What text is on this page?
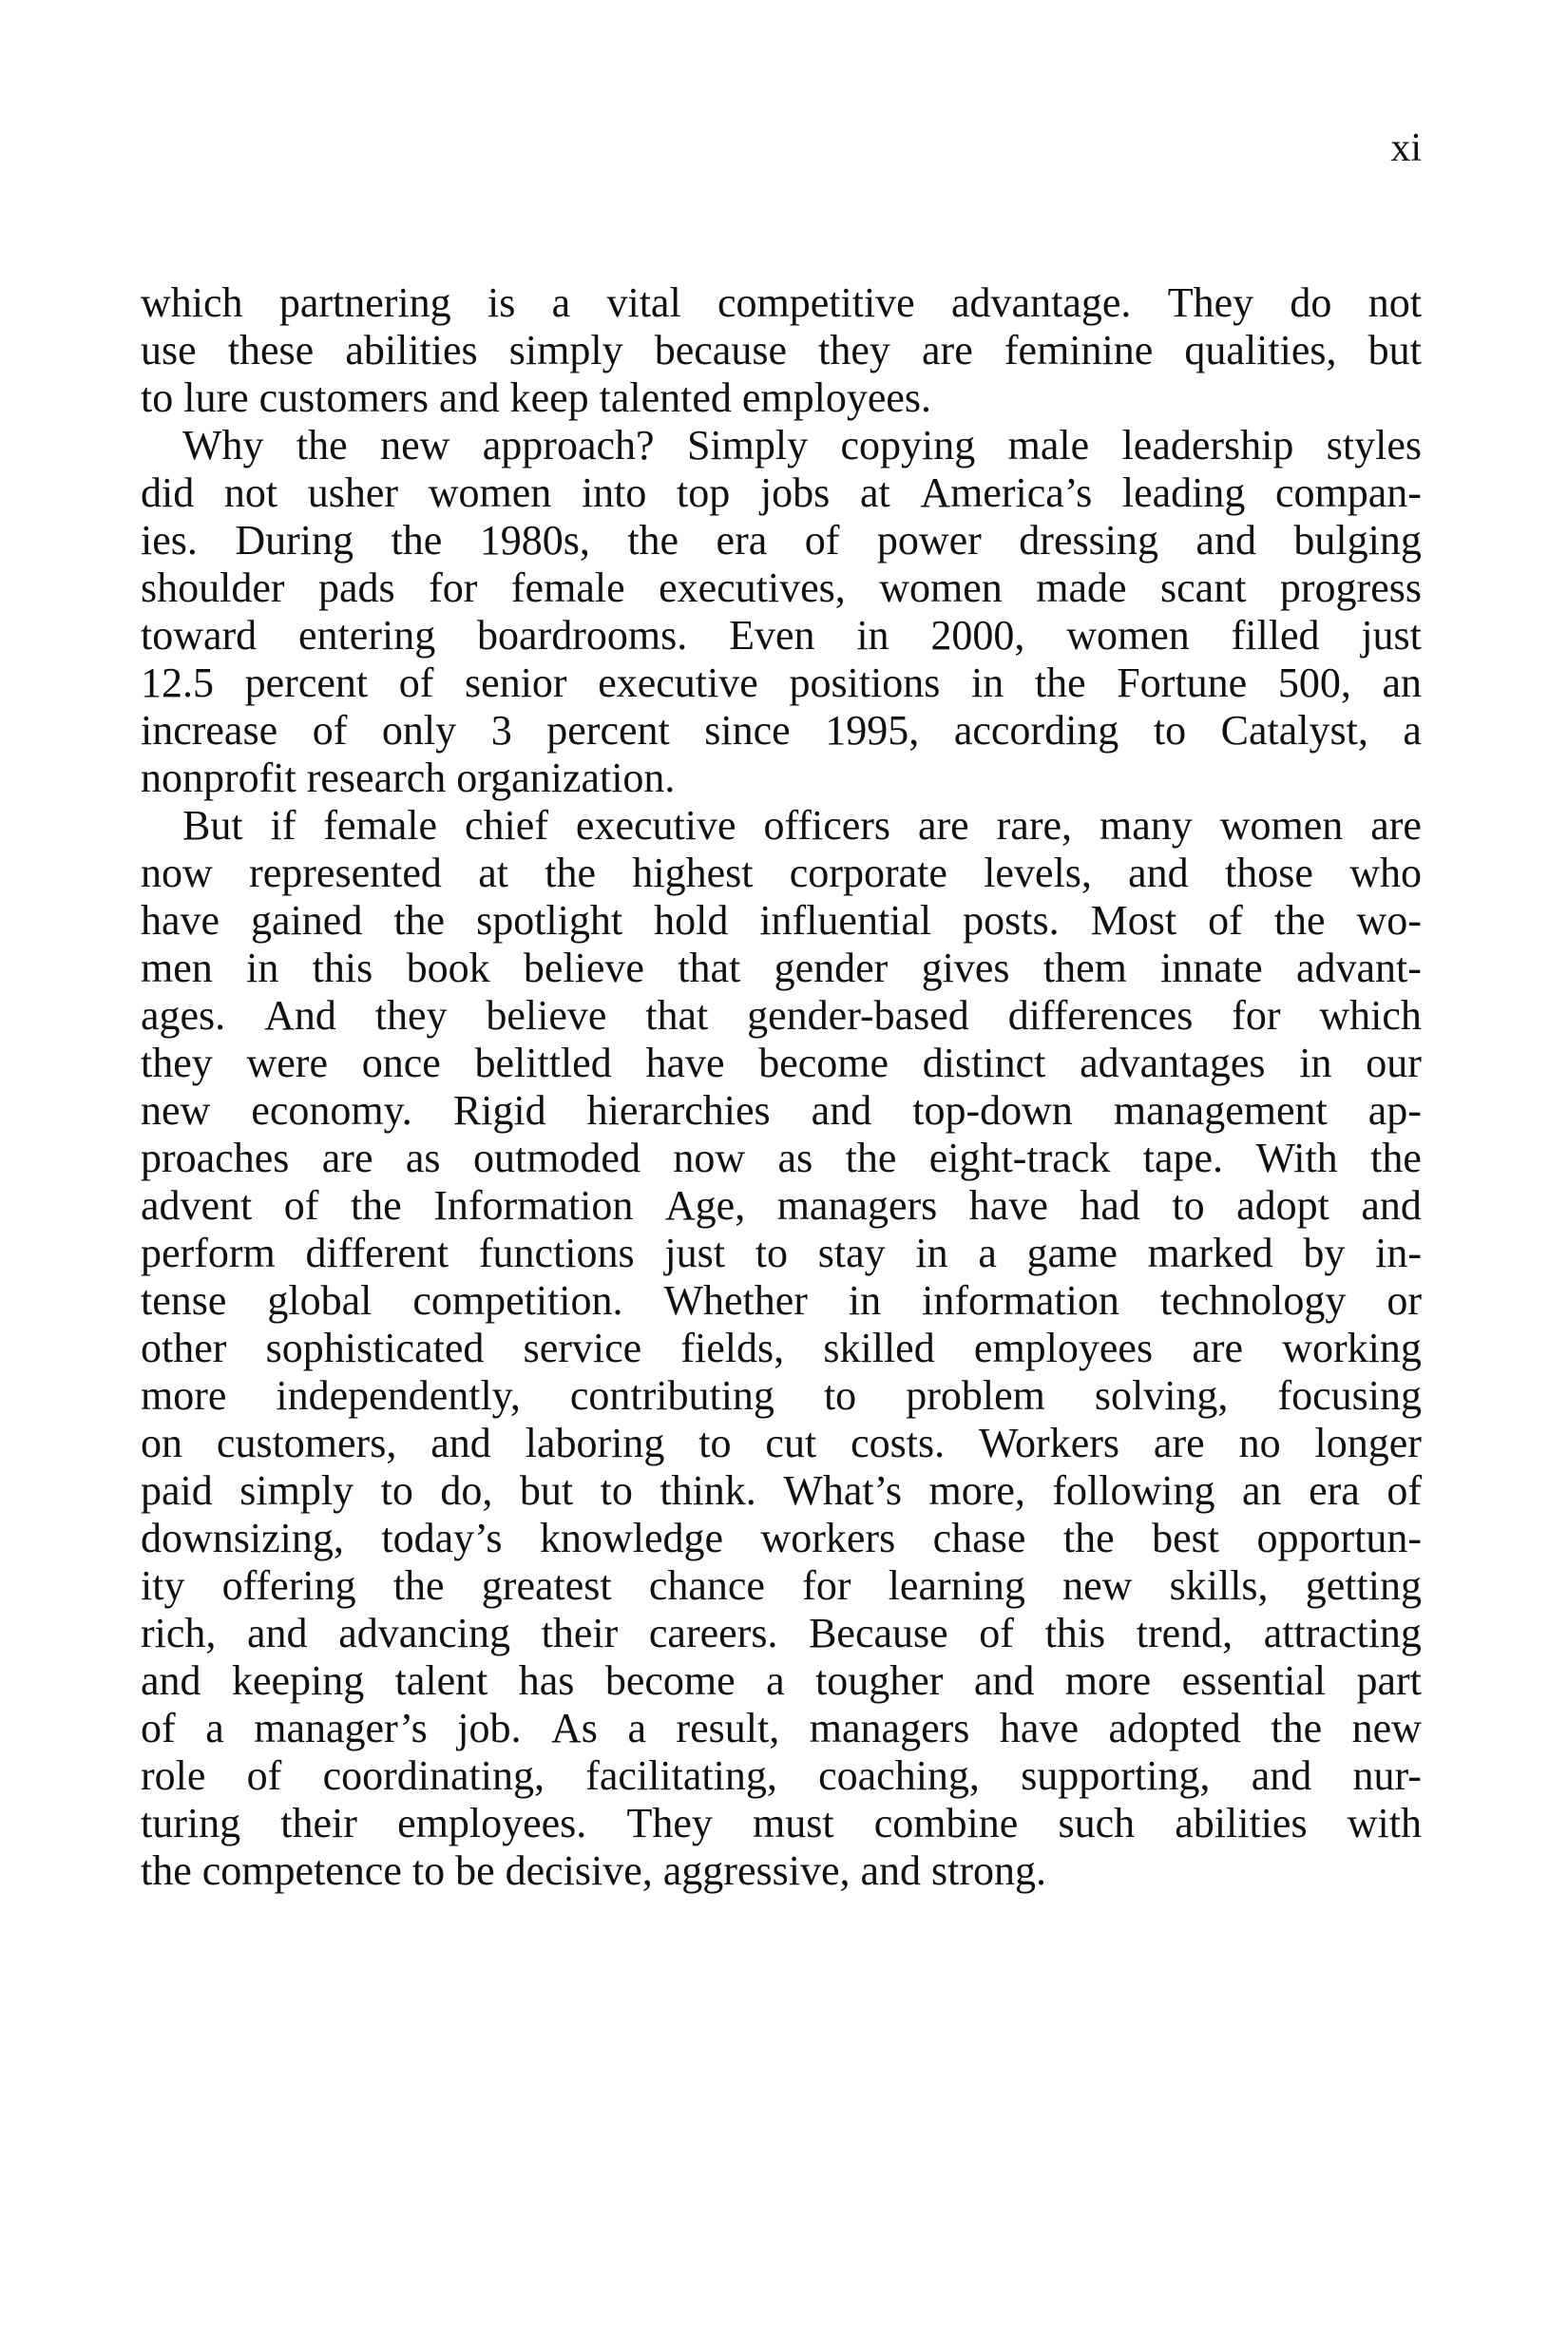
xi

which partnering is a vital competitive advantage. They do not
use these abilities simply because they are feminine qualities, but
to lure customers and keep talented employees.

Why the new approach? Simply copying male leadership styles
did not usher women into top jobs at America’s leading compan-
ies. During the 1980s, the era of power dressing and bulging
shoulder pads for female executives, women made scant progress
toward entering boardrooms. Even in 2000, women filled just
12.5 percent of senior executive positions in the Fortune 500, an
increase of only 3 percent since 1995, according to Catalyst, a
nonprofit research organization.

But if female chief executive officers are rare, many women are
now represented at the highest corporate levels, and those who
have gained the spotlight hold influential posts. Most of the wo-
men in this book believe that gender gives them innate advant-
ages. And they believe that gender-based differences for which
they were once belittled have become distinct advantages in our
new economy. Rigid hierarchies and top-down management ap-
proaches are as outmoded now as the eight-track tape. With the
advent of the Information Age, managers have had to adopt and
perform different functions just to stay in a game marked by in-
tense global competition. Whether in information technology or
other sophisticated service fields, skilled employees are working
more independently, contributing to problem solving, focusing
on customers, and laboring to cut costs. Workers are no longer
paid simply to do, but to think. What’s more, following an era of
downsizing, today’s knowledge workers chase the best opportun-
ity offering the greatest chance for learning new skills, getting
rich, and advancing their careers. Because of this trend, attracting
and keeping talent has become a tougher and more essential part
of a manager’s job. As a result, managers have adopted the new
role of coordinating, facilitating, coaching, supporting, and nur-
turing their employees. They must combine such abilities with
the competence to be decisive, aggressive, and strong.
